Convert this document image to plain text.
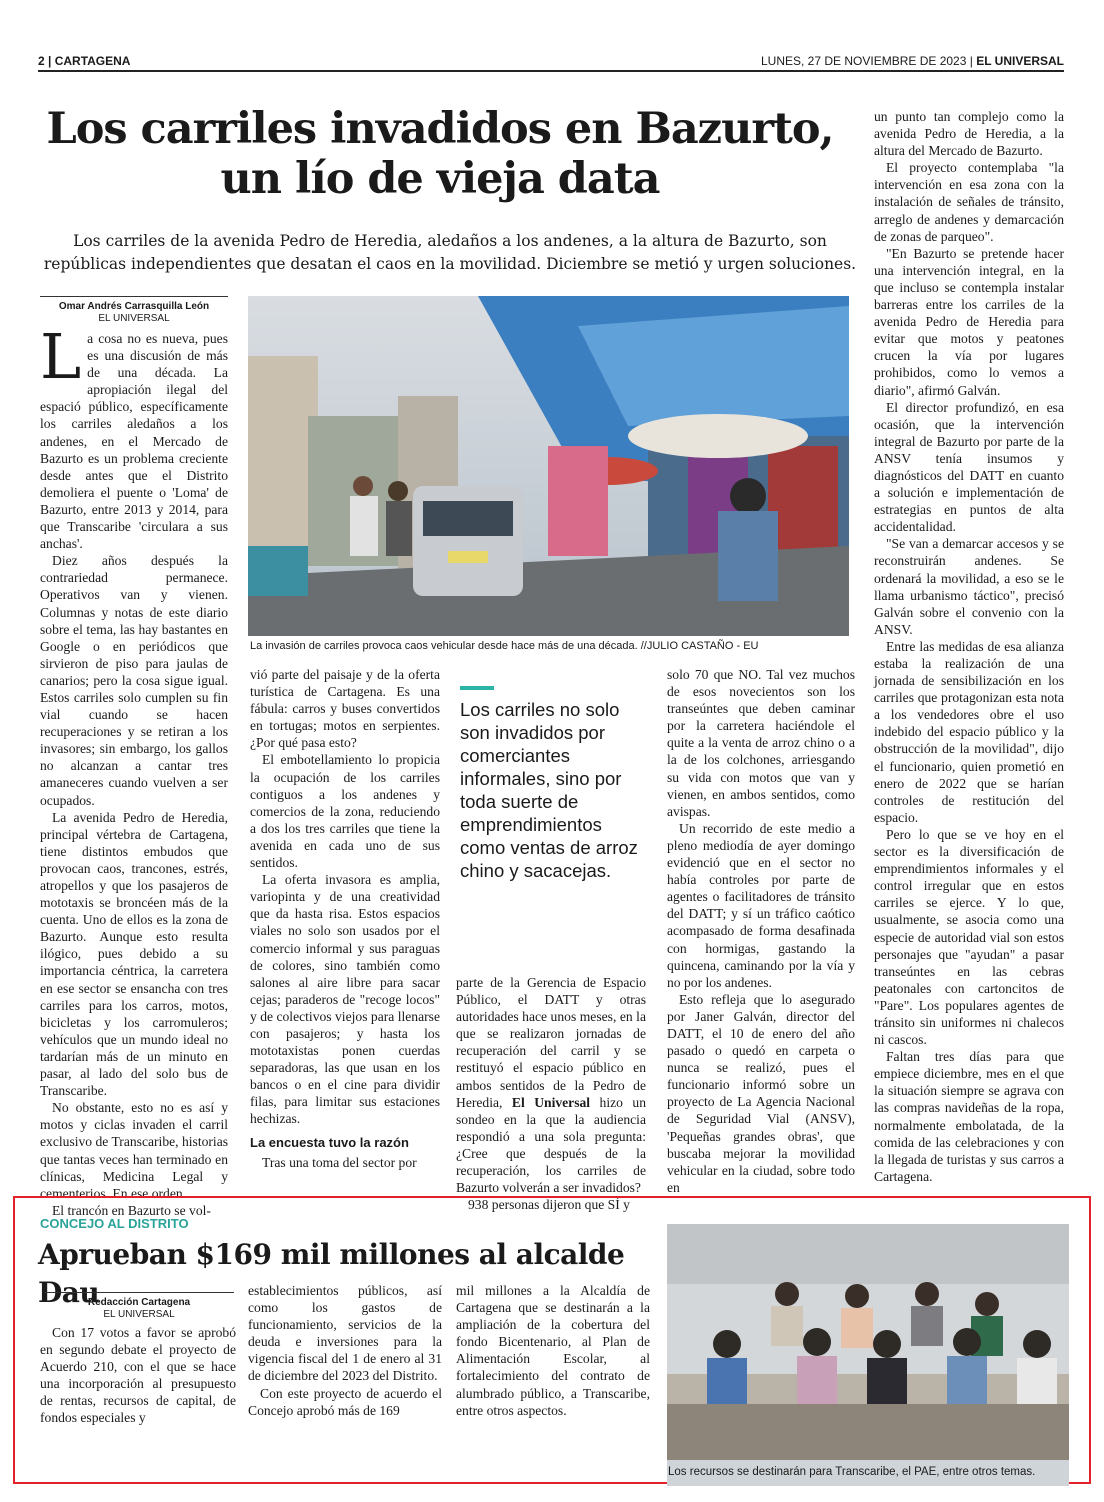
2 | CARTAGENA	LUNES, 27 DE NOVIEMBRE DE 2023 | EL UNIVERSAL
Los carriles invadidos en Bazurto, un lío de vieja data
Los carriles de la avenida Pedro de Heredia, aledaños a los andenes, a la altura de Bazurto, son repúblicas independientes que desatan el caos en la movilidad. Diciembre se metió y urgen soluciones.
Omar Andrés Carrasquilla León
EL UNIVERSAL

La cosa no es nueva, pues es una discusión de más de una década. La apropiación ilegal del espació público, específicamente los carriles aledaños a los andenes, en el Mercado de Bazurto es un problema creciente desde antes que el Distrito demoliera el puente o 'Loma' de Bazurto, entre 2013 y 2014, para que Transcaribe 'circulara a sus anchas'.

Diez años después la contrariedad permanece. Operativos van y vienen. Columnas y notas de este diario sobre el tema, las hay bastantes en Google o en periódicos que sirvieron de piso para jaulas de canarios; pero la cosa sigue igual. Estos carriles solo cumplen su fin vial cuando se hacen recuperaciones y se retiran a los invasores; sin embargo, los gallos no alcanzan a cantar tres amaneceres cuando vuelven a ser ocupados.

La avenida Pedro de Heredia, principal vértebra de Cartagena, tiene distintos embudos que provocan caos, trancones, estrés, atropellos y que los pasajeros de mototaxis se broncéen más de la cuenta. Uno de ellos es la zona de Bazurto. Aunque esto resulta ilógico, pues debido a su importancia céntrica, la carretera en ese sector se ensancha con tres carriles para los carros, motos, bicicletas y los carromuleros; vehículos que un mundo ideal no tardarían más de un minuto en pasar, al lado del solo bus de Transcaribe.

No obstante, esto no es así y motos y ciclas invaden el carril exclusivo de Transcaribe, historias que tantas veces han terminado en clínicas, Medicina Legal y cementerios. En ese orden.

El trancón en Bazurto se vol-

La invasión de carriles provoca caos vehicular desde hace más de una década. //JULIO CASTAÑO - EU

vió parte del paisaje y de la oferta turística de Cartagena. Es una fábula: carros y buses convertidos en tortugas; motos en serpientes. ¿Por qué pasa esto?

El embotellamiento lo propicia la ocupación de los carriles contiguos a los andenes y comercios de la zona, reduciendo a dos los tres carriles que tiene la avenida en cada uno de sus sentidos.

La oferta invasora es amplia, variopinta y de una creatividad que da hasta risa. Estos espacios viales no solo son usados por el comercio informal y sus paraguas de colores, sino también como salones al aire libre para sacar cejas; paraderos de "recoge locos" y de colectivos viejos para llenarse con pasajeros; y hasta los mototaxistas ponen cuerdas separadoras, las que usan en los bancos o en el cine para dividir filas, para limitar sus estaciones hechizas.

La encuesta tuvo la razón

Tras una toma del sector por

Los carriles no solo son invadidos por comerciantes informales, sino por toda suerte de emprendimientos como ventas de arroz chino y sacacejas.

parte de la Gerencia de Espacio Público, el DATT y otras autoridades hace unos meses, en la que se realizaron jornadas de recuperación del carril y se restituyó el espacio público en ambos sentidos de la Pedro de Heredia, El Universal hizo un sondeo en la que la audiencia respondió a una sola pregunta: ¿Cree que después de la recuperación, los carriles de Bazurto volverán a ser invadidos?

938 personas dijeron que SÍ y

solo 70 que NO. Tal vez muchos de esos novecientos son los transeúntes que deben caminar por la carretera haciéndole el quite a la venta de arroz chino o a la de los colchones, arriesgando su vida con motos que van y vienen, en ambos sentidos, como avispas.

Un recorrido de este medio a pleno mediodía de ayer domingo evidenció que en el sector no había controles por parte de agentes o facilitadores de tránsito del DATT; y sí un tráfico caótico acompasado de forma desafinada con hormigas, gastando la quincena, caminando por la vía y no por los andenes.

Esto refleja que lo asegurado por Janer Galván, director del DATT, el 10 de enero del año pasado o quedó en carpeta o nunca se realizó, pues el funcionario informó sobre un proyecto de La Agencia Nacional de Seguridad Vial (ANSV), 'Pequeñas grandes obras', que buscaba mejorar la movilidad vehicular en la ciudad, sobre todo en

un punto tan complejo como la avenida Pedro de Heredia, a la altura del Mercado de Bazurto.

El proyecto contemplaba "la intervención en esa zona con la instalación de señales de tránsito, arreglo de andenes y demarcación de zonas de parqueo".

"En Bazurto se pretende hacer una intervención integral, en la que incluso se contempla instalar barreras entre los carriles de la avenida Pedro de Heredia para evitar que motos y peatones crucen la vía por lugares prohibidos, como lo vemos a diario", afirmó Galván.

El director profundizó, en esa ocasión, que la intervención integral de Bazurto por parte de la ANSV tenía insumos y diagnósticos del DATT en cuanto a solución e implementación de estrategias en puntos de alta accidentalidad.

"Se van a demarcar accesos y se reconstruirán andenes. Se ordenará la movilidad, a eso se le llama urbanismo táctico", precisó Galván sobre el convenio con la ANSV.

Entre las medidas de esa alianza estaba la realización de una jornada de sensibilización en los carriles que protagonizan esta nota a los vendedores obre el uso indebido del espacio público y la obstrucción de la movilidad", dijo el funcionario, quien prometió en enero de 2022 que se harían controles de restitución del espacio.

Pero lo que se ve hoy en el sector es la diversificación de emprendimientos informales y el control irregular que en estos carriles se ejerce. Y lo que, usualmente, se asocia como una especie de autoridad vial son estos personajes que "ayudan" a pasar transeúntes en las cebras peatonales con cartoncitos de "Pare". Los populares agentes de tránsito sin uniformes ni chalecos ni cascos.

Faltan tres días para que empiece diciembre, mes en el que la situación siempre se agrava con las compras navideñas de la ropa, normalmente embolatada, de la comida de las celebraciones y con la llegada de turistas y sus carros a Cartagena.

CONCEJO AL DISTRITO
Aprueban $169 mil millones al alcalde Dau
Redacción Cartagena
EL UNIVERSAL

Con 17 votos a favor se aprobó en segundo debate el proyecto de Acuerdo 210, con el que se hace una incorporación al presupuesto de rentas, recursos de capital, de fondos especiales y

establecimientos públicos, así como los gastos de funcionamiento, servicios de la deuda e inversiones para la vigencia fiscal del 1 de enero al 31 de diciembre del 2023 del Distrito.

Con este proyecto de acuerdo el Concejo aprobó más de 169

mil millones a la Alcaldía de Cartagena que se destinarán a la ampliación de la cobertura del fondo Bicentenario, al Plan de Alimentación Escolar, al fortalecimiento del contrato de alumbrado público, a Transcaribe, entre otros aspectos.

Los recursos se destinarán para Transcaribe, el PAE, entre otros temas.
